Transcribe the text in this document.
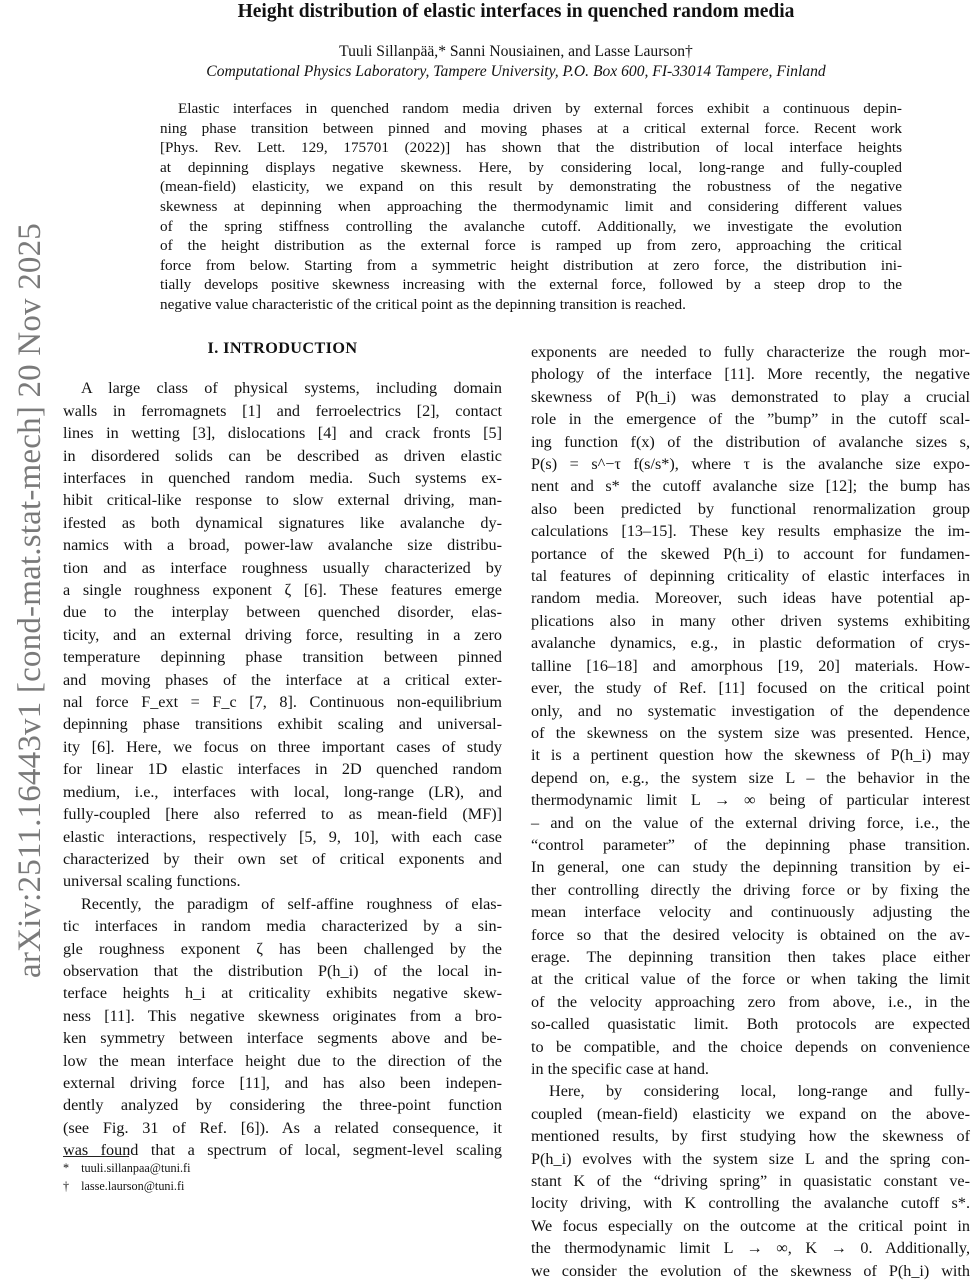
arXiv:2511.16443v1 [cond-mat.stat-mech] 20 Nov 2025
Height distribution of elastic interfaces in quenched random media
Tuuli Sillanpää,* Sanni Nousiainen, and Lasse Laurson†
Computational Physics Laboratory, Tampere University, P.O. Box 600, FI-33014 Tampere, Finland
Elastic interfaces in quenched random media driven by external forces exhibit a continuous depin-
ning phase transition between pinned and moving phases at a critical external force. Recent work
[Phys. Rev. Lett. 129, 175701 (2022)] has shown that the distribution of local interface heights
at depinning displays negative skewness. Here, by considering local, long-range and fully-coupled
(mean-field) elasticity, we expand on this result by demonstrating the robustness of the negative
skewness at depinning when approaching the thermodynamic limit and considering different values
of the spring stiffness controlling the avalanche cutoff. Additionally, we investigate the evolution
of the height distribution as the external force is ramped up from zero, approaching the critical
force from below. Starting from a symmetric height distribution at zero force, the distribution ini-
tially develops positive skewness increasing with the external force, followed by a steep drop to the
negative value characteristic of the critical point as the depinning transition is reached.
I. INTRODUCTION
A large class of physical systems, including domain
walls in ferromagnets [1] and ferroelectrics [2], contact
lines in wetting [3], dislocations [4] and crack fronts [5]
in disordered solids can be described as driven elastic
interfaces in quenched random media. Such systems ex-
hibit critical-like response to slow external driving, man-
ifested as both dynamical signatures like avalanche dy-
namics with a broad, power-law avalanche size distribu-
tion and as interface roughness usually characterized by
a single roughness exponent ζ [6]. These features emerge
due to the interplay between quenched disorder, elas-
ticity, and an external driving force, resulting in a zero
temperature depinning phase transition between pinned
and moving phases of the interface at a critical exter-
nal force F_ext = F_c [7, 8]. Continuous non-equilibrium
depinning phase transitions exhibit scaling and universal-
ity [6]. Here, we focus on three important cases of study
for linear 1D elastic interfaces in 2D quenched random
medium, i.e., interfaces with local, long-range (LR), and
fully-coupled [here also referred to as mean-field (MF)]
elastic interactions, respectively [5, 9, 10], with each case
characterized by their own set of critical exponents and
universal scaling functions.
Recently, the paradigm of self-affine roughness of elas-
tic interfaces in random media characterized by a sin-
gle roughness exponent ζ has been challenged by the
observation that the distribution P(h_i) of the local in-
terface heights h_i at criticality exhibits negative skew-
ness [11]. This negative skewness originates from a bro-
ken symmetry between interface segments above and be-
low the mean interface height due to the direction of the
external driving force [11], and has also been indepen-
dently analyzed by considering the three-point function
(see Fig. 31 of Ref. [6]). As a related consequence, it
was found that a spectrum of local, segment-level scaling
exponents are needed to fully characterize the rough mor-
phology of the interface [11]. More recently, the negative
skewness of P(h_i) was demonstrated to play a crucial
role in the emergence of the ”bump” in the cutoff scal-
ing function f(x) of the distribution of avalanche sizes s,
P(s) = s^−τ f(s/s*), where τ is the avalanche size expo-
nent and s* the cutoff avalanche size [12]; the bump has
also been predicted by functional renormalization group
calculations [13–15]. These key results emphasize the im-
portance of the skewed P(h_i) to account for fundamen-
tal features of depinning criticality of elastic interfaces in
random media. Moreover, such ideas have potential ap-
plications also in many other driven systems exhibiting
avalanche dynamics, e.g., in plastic deformation of crys-
talline [16–18] and amorphous [19, 20] materials. How-
ever, the study of Ref. [11] focused on the critical point
only, and no systematic investigation of the dependence
of the skewness on the system size was presented. Hence,
it is a pertinent question how the skewness of P(h_i) may
depend on, e.g., the system size L – the behavior in the
thermodynamic limit L → ∞ being of particular interest
– and on the value of the external driving force, i.e., the
“control parameter” of the depinning phase transition.
In general, one can study the depinning transition by ei-
ther controlling directly the driving force or by fixing the
mean interface velocity and continuously adjusting the
force so that the desired velocity is obtained on the av-
erage. The depinning transition then takes place either
at the critical value of the force or when taking the limit
of the velocity approaching zero from above, i.e., in the
so-called quasistatic limit. Both protocols are expected
to be compatible, and the choice depends on convenience
in the specific case at hand.
Here, by considering local, long-range and fully-
coupled (mean-field) elasticity we expand on the above-
mentioned results, by first studying how the skewness of
P(h_i) evolves with the system size L and the spring con-
stant K of the “driving spring” in quasistatic constant ve-
locity driving, with K controlling the avalanche cutoff s*.
We focus especially on the outcome at the critical point in
the thermodynamic limit L → ∞, K → 0. Additionally,
we consider the evolution of the skewness of P(h_i) with
* tuuli.sillanpaa@tuni.fi
† lasse.laurson@tuni.fi
